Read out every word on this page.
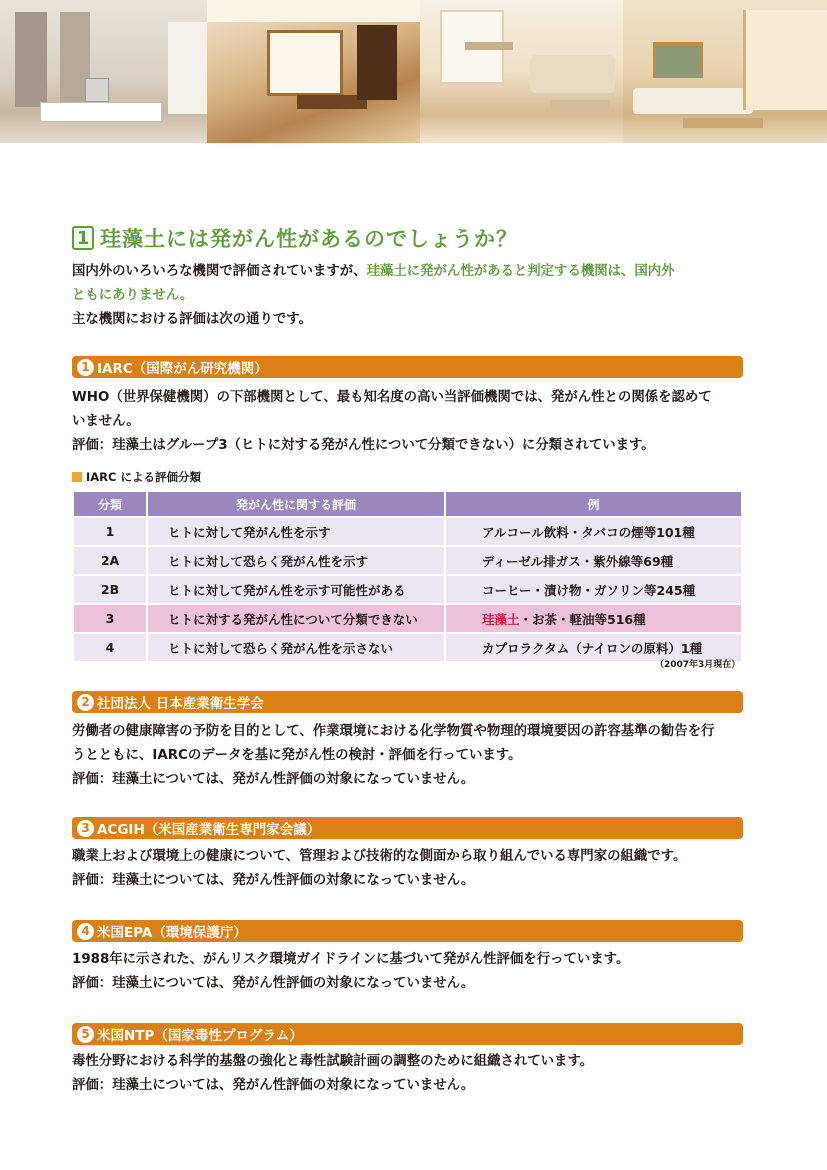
1 珪藻土には発がん性があるのでしょうか？
国内外のいろいろな機関で評価されていますが、珪藻土に発がん性があると判定する機関は、国内外
ともにありません。
主な機関における評価は次の通りです。
1 IARC（国際がん研究機関）
WHO（世界保健機関）の下部機関として、最も知名度の高い当評価機関では、発がん性との関係を認めて
いません。
評価：珪藻土はグループ3（ヒトに対する発がん性について分類できない）に分類されています。
IARC による評価分類
分類	発がん性に関する評価	例
1	ヒトに対して発がん性を示す	アルコール飲料・タバコの煙等101種
2A	ヒトに対して恐らく発がん性を示す	ディーゼル排ガス・紫外線等69種
2B	ヒトに対して発がん性を示す可能性がある	コーヒー・漬け物・ガソリン等245種
3	ヒトに対する発がん性について分類できない	珪藻土・お茶・軽油等516種
4	ヒトに対して恐らく発がん性を示さない	カプロラクタム（ナイロンの原料）1種
（2007年3月現在）
2 社団法人 日本産業衛生学会
労働者の健康障害の予防を目的として、作業環境における化学物質や物理的環境要因の許容基準の勧告を行
うとともに、IARCのデータを基に発がん性の検討・評価を行っています。
評価：珪藻土については、発がん性評価の対象になっていません。
3 ACGIH（米国産業衛生専門家会議）
職業上および環境上の健康について、管理および技術的な側面から取り組んでいる専門家の組織です。
評価：珪藻土については、発がん性評価の対象になっていません。
4 米国EPA（環境保護庁）
1988年に示された、がんリスク環境ガイドラインに基づいて発がん性評価を行っています。
評価：珪藻土については、発がん性評価の対象になっていません。
5 米国NTP（国家毒性プログラム）
毒性分野における科学的基盤の強化と毒性試験計画の調整のために組織されています。
評価：珪藻土については、発がん性評価の対象になっていません。
